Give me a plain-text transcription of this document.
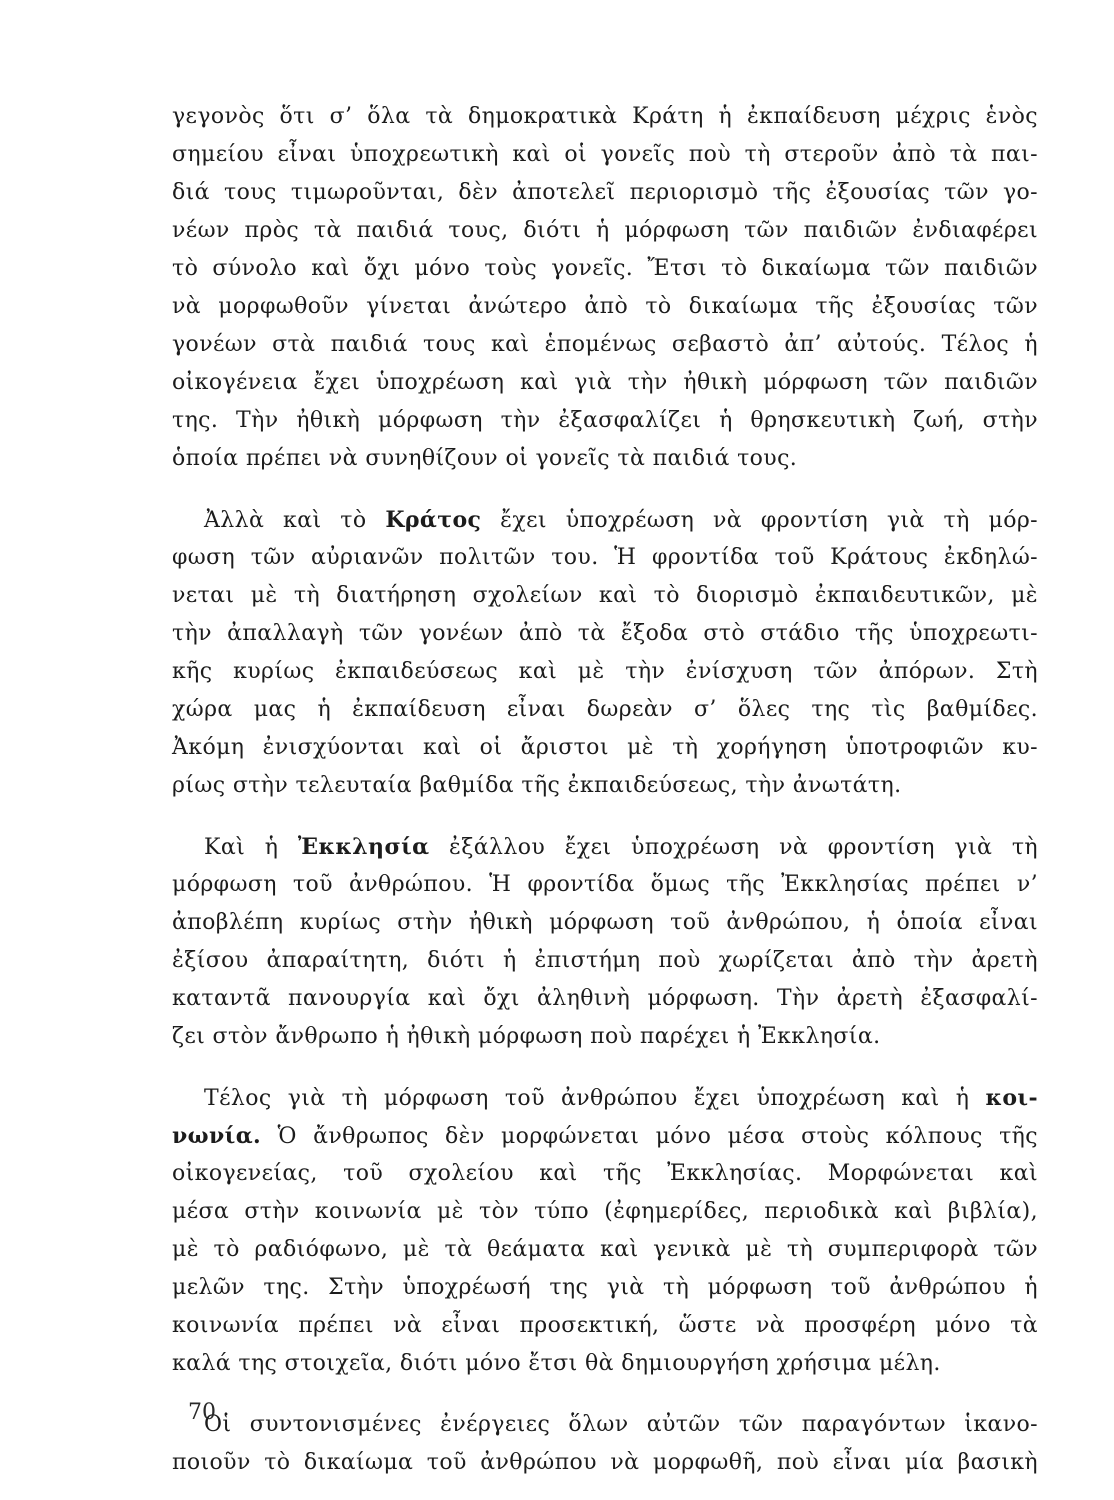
γεγονὸς ὅτι σ’ ὅλα τὰ δημοκρατικὰ Κράτη ἡ ἐκπαίδευση μέχρις ἑνὸς
σημείου εἶναι ὑποχρεωτικὴ καὶ οἱ γονεῖς ποὺ τὴ στεροῦν ἀπὸ τὰ παι-
διά τους τιμωροῦνται, δὲν ἀποτελεῖ περιορισμὸ τῆς ἐξουσίας τῶν γο-
νέων πρὸς τὰ παιδιά τους, διότι ἡ μόρφωση τῶν παιδιῶν ἐνδιαφέρει
τὸ σύνολο καὶ ὄχι μόνο τοὺς γονεῖς. Ἔτσι τὸ δικαίωμα τῶν παιδιῶν
νὰ μορφωθοῦν γίνεται ἀνώτερο ἀπὸ τὸ δικαίωμα τῆς ἐξουσίας τῶν
γονέων στὰ παιδιά τους καὶ ἑπομένως σεβαστὸ ἀπ’ αὐτούς. Τέλος ἡ
οἰκογένεια ἔχει ὑποχρέωση καὶ γιὰ τὴν ἠθικὴ μόρφωση τῶν παιδιῶν
της. Τὴν ἠθικὴ μόρφωση τὴν ἐξασφαλίζει ἡ θρησκευτικὴ ζωή, στὴν
ὁποία πρέπει νὰ συνηθίζουν οἱ γονεῖς τὰ παιδιά τους.
Ἀλλὰ καὶ τὸ Κράτος ἔχει ὑποχρέωση νὰ φροντίση γιὰ τὴ μόρ-
φωση τῶν αὐριανῶν πολιτῶν του. Ἡ φροντίδα τοῦ Κράτους ἐκδηλώ-
νεται μὲ τὴ διατήρηση σχολείων καὶ τὸ διορισμὸ ἐκπαιδευτικῶν, μὲ
τὴν ἀπαλλαγὴ τῶν γονέων ἀπὸ τὰ ἔξοδα στὸ στάδιο τῆς ὑποχρεωτι-
κῆς κυρίως ἐκπαιδεύσεως καὶ μὲ τὴν ἐνίσχυση τῶν ἀπόρων. Στὴ
χώρα μας ἡ ἐκπαίδευση εἶναι δωρεὰν σ’ ὅλες της τὶς βαθμίδες.
Ἀκόμη ἐνισχύονται καὶ οἱ ἄριστοι μὲ τὴ χορήγηση ὑποτροφιῶν κυ-
ρίως στὴν τελευταία βαθμίδα τῆς ἐκπαιδεύσεως, τὴν ἀνωτάτη.
Καὶ ἡ Ἐκκλησία ἐξάλλου ἔχει ὑποχρέωση νὰ φροντίση γιὰ τὴ
μόρφωση τοῦ ἀνθρώπου. Ἡ φροντίδα ὅμως τῆς Ἐκκλησίας πρέπει ν’
ἀποβλέπη κυρίως στὴν ἠθικὴ μόρφωση τοῦ ἀνθρώπου, ἡ ὁποία εἶναι
ἐξίσου ἀπαραίτητη, διότι ἡ ἐπιστήμη ποὺ χωρίζεται ἀπὸ τὴν ἀρετὴ
καταντᾶ πανουργία καὶ ὄχι ἀληθινὴ μόρφωση. Τὴν ἀρετὴ ἐξασφαλί-
ζει στὸν ἄνθρωπο ἡ ἠθικὴ μόρφωση ποὺ παρέχει ἡ Ἐκκλησία.
Τέλος γιὰ τὴ μόρφωση τοῦ ἀνθρώπου ἔχει ὑποχρέωση καὶ ἡ κοι-
νωνία. Ὁ ἄνθρωπος δὲν μορφώνεται μόνο μέσα στοὺς κόλπους τῆς
οἰκογενείας, τοῦ σχολείου καὶ τῆς Ἐκκλησίας. Μορφώνεται καὶ
μέσα στὴν κοινωνία μὲ τὸν τύπο (ἐφημερίδες, περιοδικὰ καὶ βιβλία),
μὲ τὸ ραδιόφωνο, μὲ τὰ θεάματα καὶ γενικὰ μὲ τὴ συμπεριφορὰ τῶν
μελῶν της. Στὴν ὑποχρέωσή της γιὰ τὴ μόρφωση τοῦ ἀνθρώπου ἡ
κοινωνία πρέπει νὰ εἶναι προσεκτική, ὥστε νὰ προσφέρη μόνο τὰ
καλά της στοιχεῖα, διότι μόνο ἔτσι θὰ δημιουργήση χρήσιμα μέλη.
Οἱ συντονισμένες ἐνέργειες ὅλων αὐτῶν τῶν παραγόντων ἱκανο-
ποιοῦν τὸ δικαίωμα τοῦ ἀνθρώπου νὰ μορφωθῆ, ποὺ εἶναι μία βασικὴ
70
